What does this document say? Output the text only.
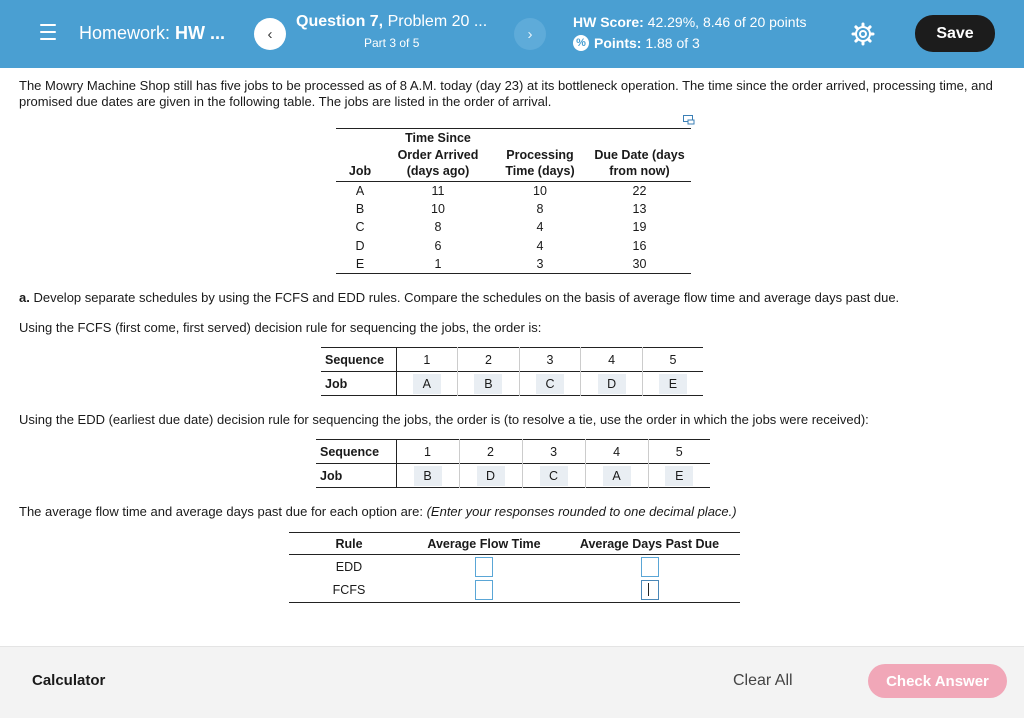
Homework: HW ...	‹
Question 7, Problem 20 ...
Part 3 of 5
›
HW Score: 42.29%, 8.46 of 20 points
% Points: 1.88 of 3
Save
The Mowry Machine Shop still has five jobs to be processed as of 8 A.M. today (day 23) at its bottleneck operation. The time since the order arrived, processing time, and promised due dates are given in the following table. The jobs are listed in the order of arrival.
Job	Time Since Order Arrived (days ago)	Processing Time (days)	Due Date (days from now)
A	11	10	22
B	10	8	13
C	8	4	19
D	6	4	16
E	1	3	30
a. Develop separate schedules by using the FCFS and EDD rules. Compare the schedules on the basis of average flow time and average days past due.
Using the FCFS (first come, first served) decision rule for sequencing the jobs, the order is:
Sequence	1	2	3	4	5
Job	A	B	C	D	E
Using the EDD (earliest due date) decision rule for sequencing the jobs, the order is (to resolve a tie, use the order in which the jobs were received):
Sequence	1	2	3	4	5
Job	B	D	C	A	E
The average flow time and average days past due for each option are: (Enter your responses rounded to one decimal place.)
Rule	Average Flow Time	Average Days Past Due
EDD		
FCFS		
Calculator	Clear All	Check Answer
